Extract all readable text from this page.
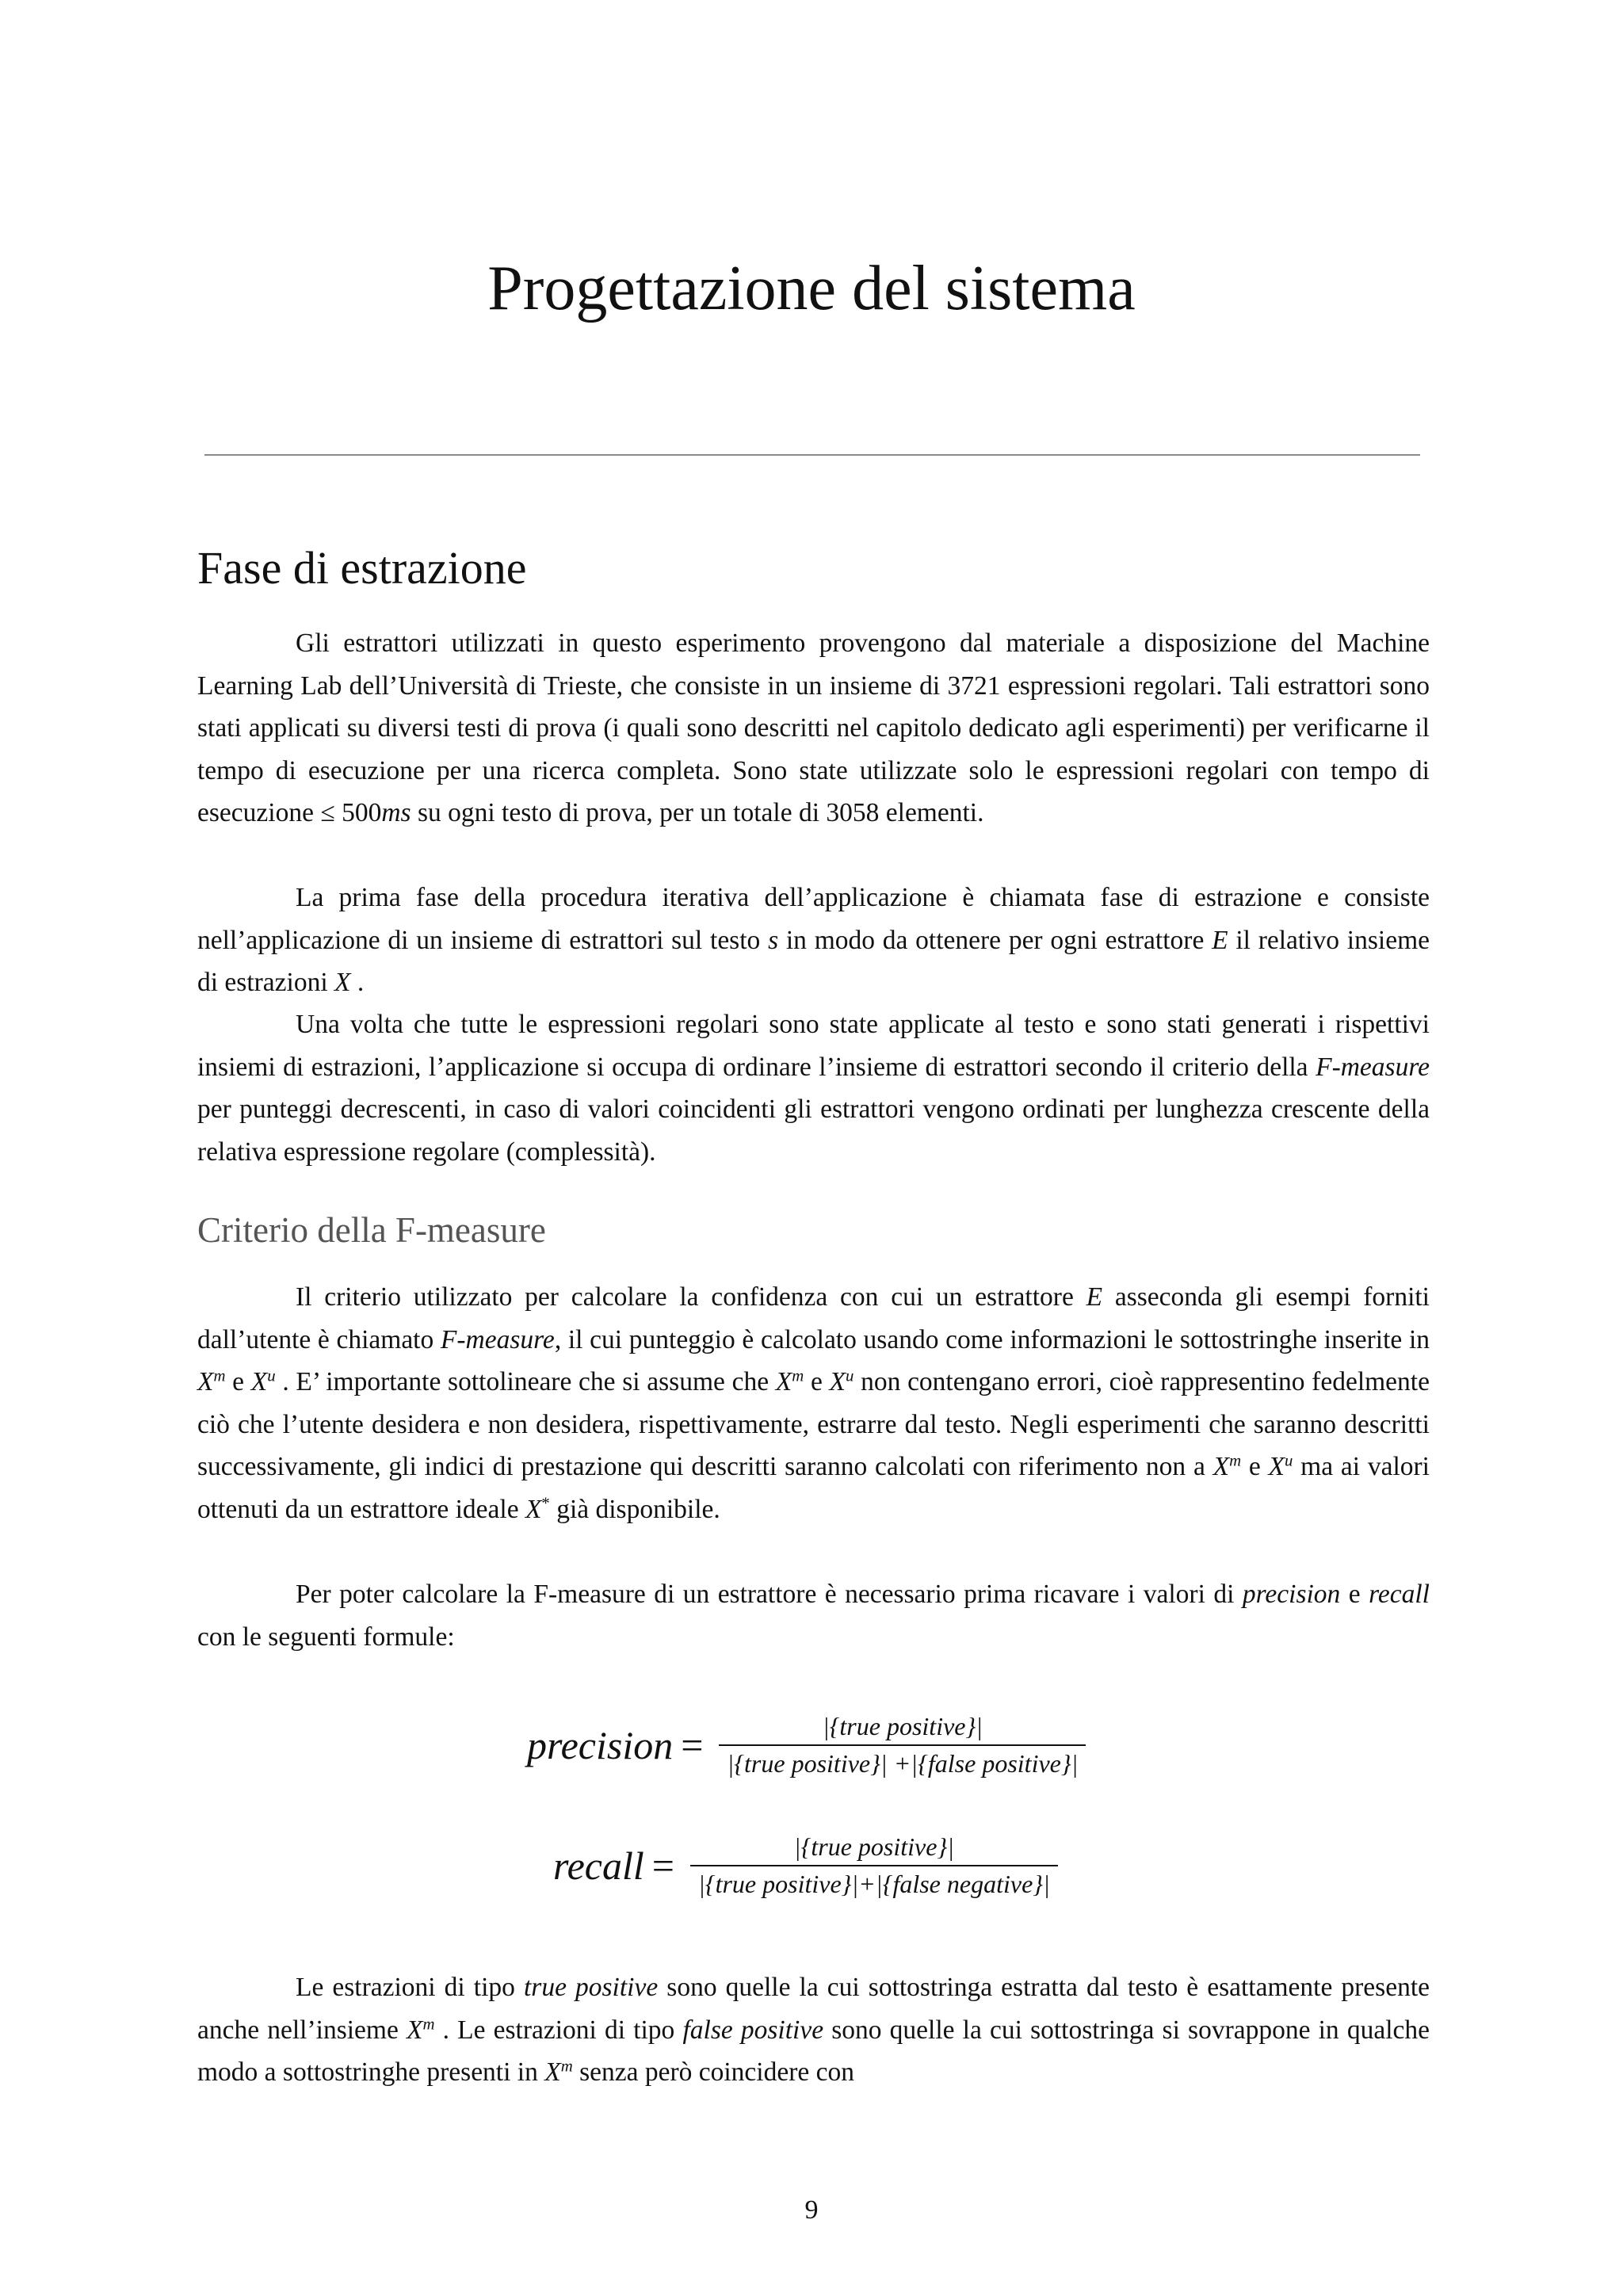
Progettazione del sistema
Fase di estrazione

Gli estrattori utilizzati in questo esperimento provengono dal materiale a disposizione del Machine Learning Lab dell’Università di Trieste, che consiste in un insieme di 3721 espressioni regolari. Tali estrattori sono stati applicati su diversi testi di prova (i quali sono descritti nel capitolo dedicato agli esperimenti) per verificarne il tempo di esecuzione per una ricerca completa. Sono state utilizzate solo le espressioni regolari con tempo di esecuzione ≤ 500ms su ogni testo di prova, per un totale di 3058 elementi.

La prima fase della procedura iterativa dell’applicazione è chiamata fase di estrazione e consiste nell’applicazione di un insieme di estrattori sul testo s in modo da ottenere per ogni estrattore E il relativo insieme di estrazioni X .

Una volta che tutte le espressioni regolari sono state applicate al testo e sono stati generati i rispettivi insiemi di estrazioni, l’applicazione si occupa di ordinare l’insieme di estrattori secondo il criterio della F-measure per punteggi decrescenti, in caso di valori coincidenti gli estrattori vengono ordinati per lunghezza crescente della relativa espressione regolare (complessità).

Criterio della F-measure

Il criterio utilizzato per calcolare la confidenza con cui un estrattore E asseconda gli esempi forniti dall’utente è chiamato F-measure, il cui punteggio è calcolato usando come informazioni le sottostringhe inserite in $X^m$ e $X^u$ . E’ importante sottolineare che si assume che $X^m$ e $X^u$ non contengano errori, cioè rappresentino fedelmente ciò che l’utente desidera e non desidera, rispettivamente, estrarre dal testo. Negli esperimenti che saranno descritti successivamente, gli indici di prestazione qui descritti saranno calcolati con riferimento non a $X^m$ e $X^u$ ma ai valori ottenuti da un estrattore ideale X* già disponibile.

Per poter calcolare la F-measure di un estrattore è necessario prima ricavare i valori di precision e recall con le seguenti formule:

precision = $\frac{\text{|\{true positive\}|}}{\text{|\{true positive\}| +|\{false positive\}|}}$
recall = $\frac{\text{|\{true positive\}|}}{\text{|\{true positive\}|+|\{false negative\}|}}$

Le estrazioni di tipo true positive sono quelle la cui sottostringa estratta dal testo è esattamente presente anche nell’insieme $X^m$ . Le estrazioni di tipo false positive sono quelle la cui sottostringa si sovrappone in qualche modo a sottostringhe presenti in $X^m$ senza però coincidere con

9
